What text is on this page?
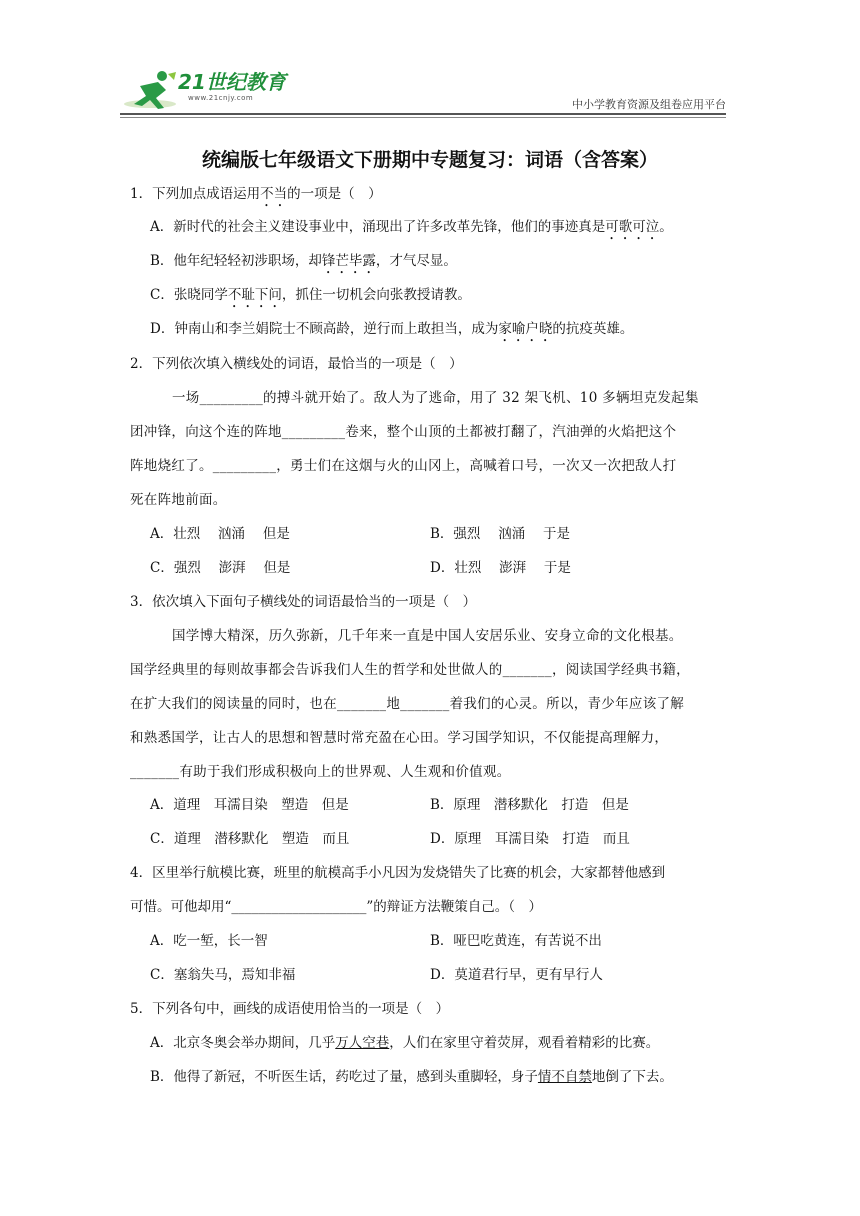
21世纪教育
www.21cnjy.com	中小学教育资源及组卷应用平台
统编版七年级语文下册期中专题复习：词语（含答案）
1．下列加点成语运用不当的一项是（　）
A．新时代的社会主义建设事业中，涌现出了许多改革先锋，他们的事迹真是可歌可泣。
B．他年纪轻轻初涉职场，却锋芒毕露，才气尽显。
C．张晓同学不耻下问，抓住一切机会向张教授请教。
D．钟南山和李兰娟院士不顾高龄，逆行而上敢担当，成为家喻户晓的抗疫英雄。
2．下列依次填入横线处的词语，最恰当的一项是（　）
一场_________的搏斗就开始了。敌人为了逃命，用了 32 架飞机、10 多辆坦克发起集
团冲锋，向这个连的阵地_________卷来，整个山顶的土都被打翻了，汽油弹的火焰把这个
阵地烧红了。_________，勇士们在这烟与火的山冈上，高喊着口号，一次又一次把敌人打
死在阵地前面。
A．壮烈　 汹涌　 但是	B．强烈　 汹涌　 于是
C．强烈　 澎湃　 但是	D．壮烈　 澎湃　 于是
3．依次填入下面句子横线处的词语最恰当的一项是（　）
国学博大精深，历久弥新，几千年来一直是中国人安居乐业、安身立命的文化根基。
国学经典里的每则故事都会告诉我们人生的哲学和处世做人的_______，阅读国学经典书籍，
在扩大我们的阅读量的同时，也在_______地_______着我们的心灵。所以，青少年应该了解
和熟悉国学，让古人的思想和智慧时常充盈在心田。学习国学知识，不仅能提高理解力，
_______有助于我们形成积极向上的世界观、人生观和价值观。
A．道理　耳濡目染　塑造　但是	B．原理　潜移默化　打造　但是
C．道理　潜移默化　塑造　而且	D．原理　耳濡目染　打造　而且
4．区里举行航模比赛，班里的航模高手小凡因为发烧错失了比赛的机会，大家都替他感到
可惜。可他却用“____________________”的辩证方法鞭策自己。（　）
A．吃一堑，长一智	B．哑巴吃黄连，有苦说不出
C．塞翁失马，焉知非福	D．莫道君行早，更有早行人
5．下列各句中，画线的成语使用恰当的一项是（　）
A．北京冬奥会举办期间，几乎万人空巷，人们在家里守着荧屏，观看着精彩的比赛。
B．他得了新冠，不听医生话，药吃过了量，感到头重脚轻，身子情不自禁地倒了下去。
